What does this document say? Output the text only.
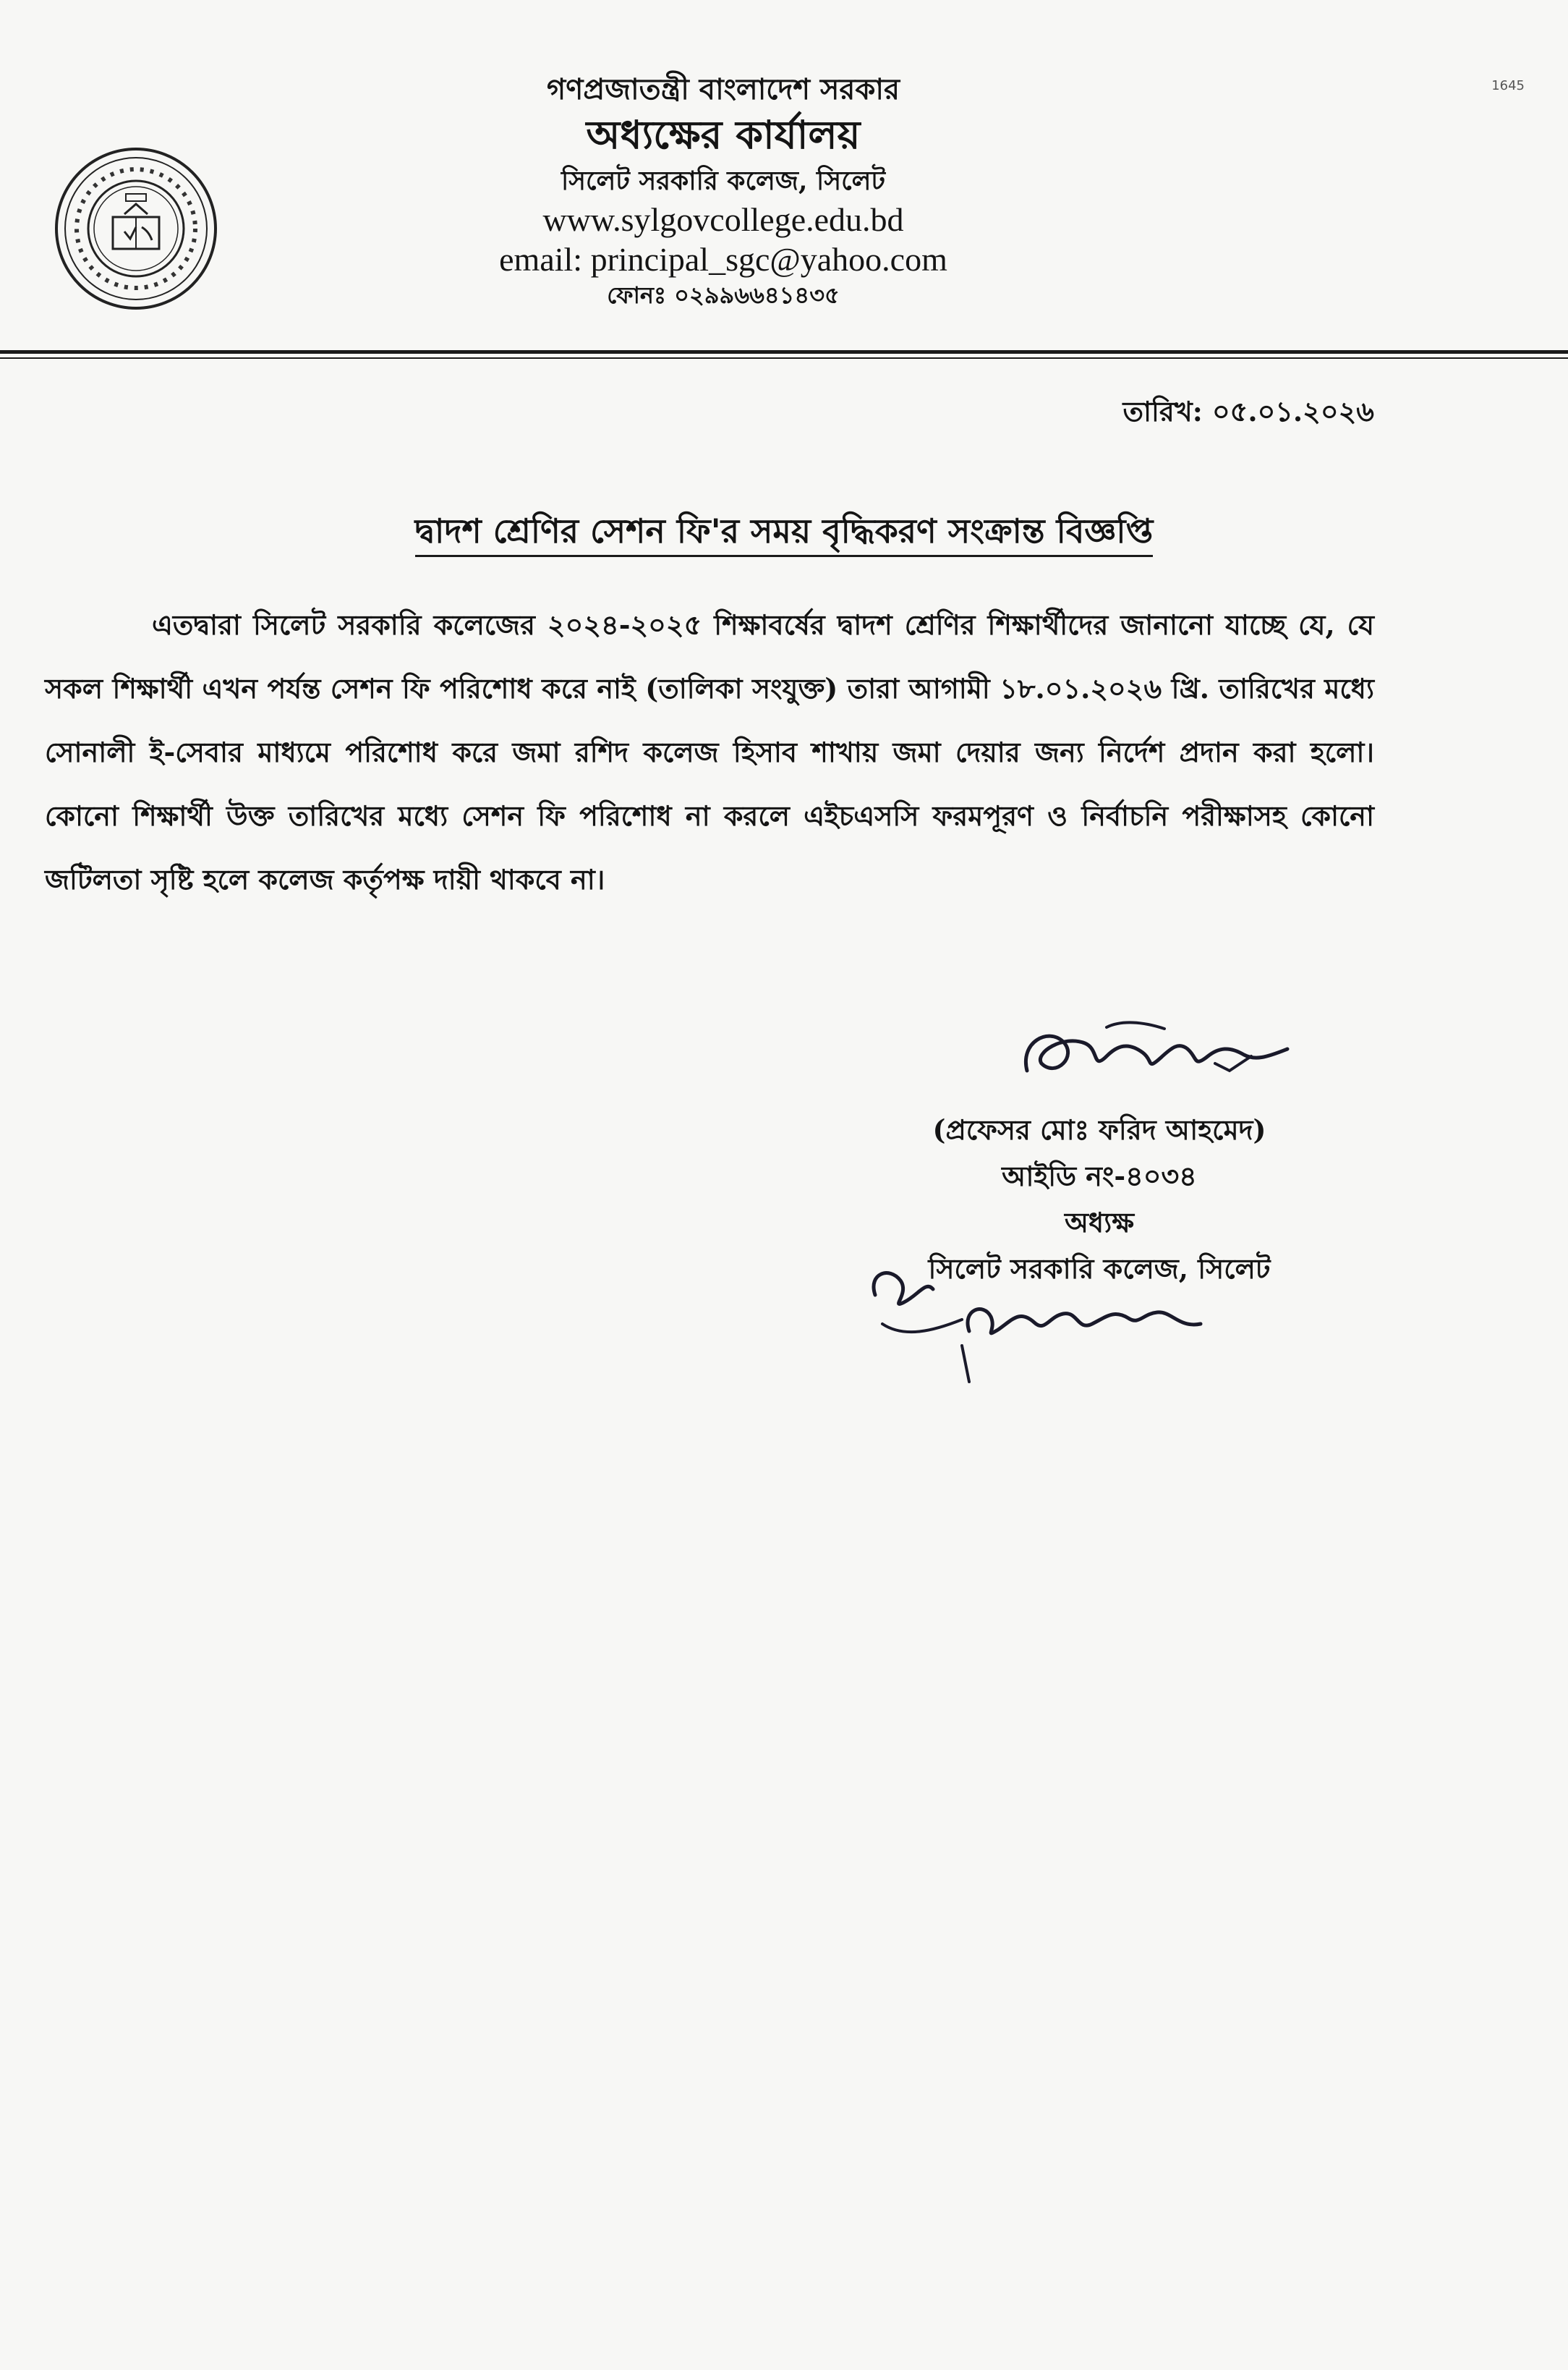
1645
গণপ্রজাতন্ত্রী বাংলাদেশ সরকার
অধ্যক্ষের কার্যালয়
সিলেট সরকারি কলেজ, সিলেট
www.sylgovcollege.edu.bd
email: principal_sgc@yahoo.com
ফোনঃ ০২৯৯৬৬৪১৪৩৫
তারিখ: ০৫.০১.২০২৬
দ্বাদশ শ্রেণির সেশন ফি'র সময় বৃদ্ধিকরণ সংক্রান্ত বিজ্ঞপ্তি
এতদ্বারা সিলেট সরকারি কলেজের ২০২৪-২০২৫ শিক্ষাবর্ষের দ্বাদশ শ্রেণির শিক্ষার্থীদের জানানো যাচ্ছে যে, যে সকল শিক্ষার্থী এখন পর্যন্ত সেশন ফি পরিশোধ করে নাই (তালিকা সংযুক্ত) তারা আগামী ১৮.০১.২০২৬ খ্রি. তারিখের মধ্যে সোনালী ই-সেবার মাধ্যমে পরিশোধ করে জমা রশিদ কলেজ হিসাব শাখায় জমা দেয়ার জন্য নির্দেশ প্রদান করা হলো। কোনো শিক্ষার্থী উক্ত তারিখের মধ্যে সেশন ফি পরিশোধ না করলে এইচএসসি ফরমপূরণ ও নির্বাচনি পরীক্ষাসহ কোনো জটিলতা সৃষ্টি হলে কলেজ কর্তৃপক্ষ দায়ী থাকবে না।
(প্রফেসর মোঃ ফরিদ আহমেদ)
আইডি নং-৪০৩৪
অধ্যক্ষ
সিলেট সরকারি কলেজ, সিলেট
